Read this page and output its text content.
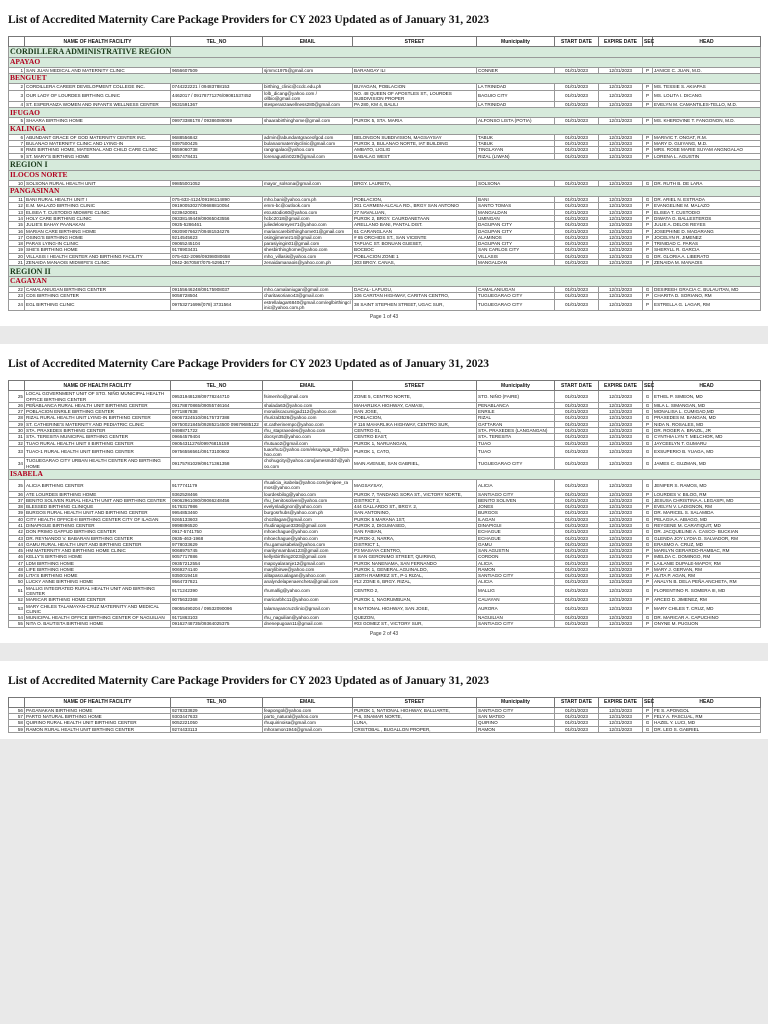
List of Accredited Maternity Care Package Providers for CY 2023 Updated as of January 31, 2023
	NAME OF HEALTH FACILITY	TEL_NO	EMAIL	STREET	Municipality	START DATE	EXPIRE DATE	SEC	HEAD
CORDILLERA ADMINISTRATIVE REGION									
APAYAO									
1	SAN JUAN MEDICAL AND MATERNITY CLINIC	9656607509	sjmmc1975@gmail.com	BARANGAY ILI	CONNER	01/01/2023	12/31/2023	P	JANICE C. JUAN, M.D.
BENGUET									
2	CORDILLERA CAREER DEVELOPMENT COLLEGE INC.	0744222221 / 09483788153	birthing_clinic@ccdc.edu.ph	BUYAGAN, POBLACION	LA TRINIDAD	01/01/2023	12/31/2023	P	MS. TESSIE S. AKIAPAS
3	OUR LADY OF LOURDES BIRTHING CLINIC	4462017 / 09178771276/09081537452	lolb_dicang@yahoo.com / ollbio@gmail.com	NO. 48 QUEEN OF APOSTLES ST., LOURDES SUBDIVISION PROPER	BAGUIO CITY	01/01/2023	12/31/2023	P	MS. LOLITA I. DICANG
4	ST. ESPERANZA WOMEN AND INFANTS WELLNESS CENTER	9631591367	stesperanzawellness280@gmail.com	PA 280, KM 4, BALILI	LA TRINIDAD	01/01/2023	12/31/2023	P	EVELYN M. CAMANTILES-TELLO, M.D.
IFUGAO									
5	SHAARA BIRTHING HOME	09973388178 / 09386086069	shaarabirthinghome@gmail.com	PUROK 5, STA. MARIA	ALFONSO LISTA (POTIA)	01/01/2023	12/31/2023	P	MS. KHERDVINE T. FANGONON, M.D.
KALINGA									
6	ABUNDANT GRACE OF GOD MATERNITY CENTER INC.	9688556842	admin@abundantgraceofgod.com	BELONGON SUBDIVISION, MAGSAYSAY	TABUK	01/01/2023	12/31/2023	P	MARIVIC T. ONGAT, R.M.
7	BULANAO MATERNITY CLINIC AND LYING-IN	9397500425	bulanaomaternityclinic@gmail.com	PUROK 3, BULANAO NORTE, IAT BUILDING	TABUK	01/01/2023	12/31/2023	P	MARY D. GUIYANG, M.D.
8	RMS BIRTHING HOME, MATERNAL AND CHILD CARE CLINIC	9559060738	rangngalao@yahoo.com	AMBATO, LIGLIG	TINGLAYAN	01/01/2023	12/31/2023	P	MRS. ROSE MARIE SUYAM ANGNGALAO
9	ST. MARY'S BIRTHING HOME	9057478431	lorenagustin0229@gmail.com	BABALAG WEST	RIZAL (LIWAN)	01/01/2023	12/31/2023	P	LORENA L. AGUSTIN
REGION I									
ILOCOS NORTE									
10	SOLSONA RURAL HEALTH UNIT	99855001052	mayor_solsona@gmail.com	BRGY. LAURETA,	SOLSONA	01/01/2023	12/31/2023	G	DR. RUTH B. DE LARA
PANGASINAN									
11	BANI RURAL HEALTH UNIT I	075-633-4124/09196114890	mho.bani@yahoo.com.ph	POBLACION,	BANI	01/01/2023	12/31/2023	G	DR. ARIEL N. ESTRADA
12	E.M. MALAZO BIRTHING CLINIC	09190053027/09688810054	emm-bc@outlook.com	301 CARMEN-ALCALA RD., BRGY SAN ANTONIO	SANTO TOMAS	01/01/2023	12/31/2023	P	EVANGELINE M. MALAZO
13	ELISEA T. CUSTODIO MIDWIFE CLINIC	9239420081	etcustodio60@yahoo.com	27 NAVALUAN,	MANGALDAN	01/01/2023	12/31/2023	P	ELISEA T. CUSTODIO
14	HOLY CARE BIRTHING CLINIC	09338149449/09065043556	hcbc2018@gmail.com	PUROK 2, BRGY. CAURDANETAAN	UMINGAN	01/01/2023	12/31/2023	P	DIWATA G. BALLESTEROS
15	JULIE'S BAHAY PAANAKAN	0925-5286461	juliedelosreyes71@yahoo.com	ARELLANO BANI, PANTAL DIST.	DAGUPAN CITY	01/01/2023	12/31/2023	P	JULIE A. DELOS REYES
16	MARIAN CARE BIRTHING HOME	09209076627/09481534276	mariancarebirthinghome01@gmail.com	61 CARANGLAAN	DAGUPAN CITY	01/01/2023	12/31/2023	P	JOSEPHINE D. MADARANG
17	OSING'S BIRTHING HOME	9214545623	osingjimenez14@gmail.com	# 65 ORCHIDS ST., SAN VICENTE	ALAMINOS	01/01/2023	12/31/2023	P	JOCELYN R. JIMENEZ
18	PARAS LYING-IN CLINIC	09065245104	parasiyingin01@gmail.com	TAPUAC ST. BONUAN GUESET,	DAGUPAN CITY	01/01/2023	12/31/2023	P	TRINIDAD C. PARAS
19	SHE'S BIRTHING HOME	9178903431	shesbirthinghome@yahoo.com	BOCBOC	SAN CARLOS CITY	01/01/2023	12/31/2023	P	SHERYLL R. GARCIA
20	VILLASIS I HEALTH CENTER AND BIRTHING FACILITY	075-632-2099/09398080658	mho_villasis@yahoo.com	POBLACION ZONE 1	VILLASIS	01/01/2023	12/31/2023	G	DR. GLORIA A. LIBERATO
21	ZENAIDA MANAOIS MIDWIFE'S CLINIC	0942-3670587/075-5295177	zenaidamanaois@yahoo.com.ph	303 BRGY. CANAS,	MANGALDAN	01/01/2023	12/31/2023	P	ZENAIDA M. MANAOIS
REGION II									
CAGAYAN									
22	CAMALANIUGAN BIRTHING CENTER	09155646248/09175908037	mho.camalaniugan@gmail.com	DACAL- LAFUGU,	CAMALANIUGAN	01/01/2023	12/31/2023	G	DESIREEH GRACIA C. BULAUITAN, MD
23	CDS BIRTHING CENTER	9058728504	charitasoriano43@gmail.com	106 CARITAN HIGHWAY, CARITAN CENTRO,	TUGUEGARAO CITY	01/01/2023	12/31/2023	P	CHARITA D. SORIANO, RM
24	EGL BIRTHING CLINIC	09753271699/(078) 3731564	estrellalagar6840@gmail.com/eglbirthingclinic@yahoo.com.ph	38 SAINT STEPHEN STREET, UGAC SUR,	TUGUEGARAO CITY	01/01/2023	12/31/2023	P	ESTRELLA G. LAGAR, RM
Page 1 of 43
List of Accredited Maternity Care Package Providers for CY 2023 Updated as of January 31, 2023
	NAME OF HEALTH FACILITY	TEL_NO	EMAIL	STREET	Municipality	START DATE	EXPIRE DATE	SEC	HEAD
25	LOCAL GOVERNMENT UNIT OF STO. NIÑO MUNICIPAL HEALTH OFFICE BIRTHING CENTER	09531948128/09778244710	fsimenho@gmail.com	ZONE 5, CENTRO NORTE,	STO. NIÑO (FAIRE)	01/01/2023	12/31/2023	G	ETHEL P. SIMEON, MD
26	PEÑABLANCA RURAL HEALTH UNIT BIRTHING CENTER	09178870865/09055746164	shalada63@yahoo.com	MAHARLIKA HIGHWAY, CAMASI,	PENABLANCA	01/01/2023	12/31/2023	G	MILA L. SIMANGAN, MD
27	POBLACION ENRILE BIRTHING CENTER	9771887838	monaliscacumigad112@yahoo.com	SAN JOSE,	ENRILE	01/01/2023	12/31/2023	G	MONALISA L. CUMIGAD,MD
28	RIZAL RURAL HEALTH UNIT LYING-IN BIRTHING CENTER	09067324510/09175737388	rhurizal3526@yahoo.com	POBLACION,	RIZAL	01/01/2023	12/31/2023	G	PRAXEDES M. BANGAN, MD
29	ST. CATHERINE'S MATERNITY AND PEDIATRIC CLINIC	09750021845/09285214500 09679685122	st.catherinempc@yahoo.com	# 116 MAHARLIKA HIGHWAY, CENTRO SUR,	GATTARAN	01/01/2023	12/31/2023	P	NIDA N. ROSALES, MD
30	STA. PRAXEDES BIRTHING CENTER	9498871722	rhu_stapraxedes@yahoo.com	CENTRO 01,	STA. PRAXEDES (LANGANGAN)	01/01/2023	12/31/2023	G	DR. ROGER A. BRAZIL, JR
31	STA. TERESITA MUNICIPAL BIRTHING CENTER	09664579404	docsyn35@yahoo.com	CENTRO EAST,	STA. TERESITA	01/01/2023	12/31/2023	G	CYNTHIA LYN T. MELCHOR, MD
32	TUAO RURAL HEALTH UNIT II BIRTHING CENTER	09054311276/09976815159	rhutuao2@gmail.com	PUROK 1, NARUANGAN,	TUAO	01/01/2023	12/31/2023	G	JAYCEELYN T. GUMARU
33	TUAO-1 RURAL HEALTH UNIT BIRTHING CENTER	09756556561/09173100602	tuaorhu1@yahoo.com/eksuyaga_md@yahoo.com	PUROK 1, CATO,	TUAO	01/01/2023	12/31/2023	G	EXSUPERIO B. YUAGA, MD
34	TUGUEGARAO CITY URBAN HEALTH CENTER AND BIRTHING HOME	09175781029/09171361358	chohugcity@yahoo.com/jamesmdch@yahoo.com	MAIN AVENUE, SAN GABRIEL,	TUGUEGARAO CITY	01/01/2023	12/31/2023	G	JAMES C. GUZMAN, MD
ISABELA									
35	ALICIA BIRTHING CENTER	9177741179	rhualicia_isabela@yahoo.com/jenipee_ramos@yahoo.com	MAGSAYSAY,	ALICIA	01/01/2023	12/31/2023	G	JENIFER S. RAMOS, MD
36	ATE LOURDES BIRTHING HOME	9362528466	lourdesbilog@yahoo.com	PUROK 7, TANDANG SORA ST., VICTORY NORTE,	SANTIAGO CITY	01/01/2023	12/31/2023	P	LOURDES V. BILOG, RM
37	BENITO SOLIVEN RURAL HEALTH UNIT AND BIRTHING CENTER	09062961080/09066248456	rhu_benitosoliven@yahoo.com	DISTRICT 2,	BENITO SOLIVEN	01/01/2023	12/31/2023	G	JESUSA CHRISTINA A. LEGASPI, MD
38	BLESSED BIRTHING CLINIQUE	9176317986	evelynladignon@yahoo.com	444 GALLARDO ST., BRGY. 2,	JONES	01/01/2023	12/31/2023	P	EVELYN V. LADIGNON, RM
39	BURGOS RURAL HEALTH UNIT AND BIRTHING CENTER	9954853460	burgosrhubs@yahoo.com.ph	SAN ANTONINO,	BURGOS	01/01/2023	12/31/2023	G	DR. MARICEL S. SALAMIDA
40	CITY HEALTH OFFICE-II BIRTHING CENTER CITY OF ILAGAN	9265133603	cho2ilagan@gmail.com	PUROK 5 MARANA 1ST,	ILAGAN	01/01/2023	12/31/2023	G	PELAGIA A. ABIAGO, MD
41	DINAPIGUE BIRTHING CENTER	9998896520	rhudinapigue3336@gmail.com	PUROK 2, DIGUMASED,	DINAPIGUI	01/01/2023	12/31/2023	G	REYGENE M. CARATIQUIT, MD
42	DON PRIMO GAFFUD BIRTHING CENTER	0917-5741750	mhoechague@yahoo.com	SAN FABIAN,	ECHAGUE	01/01/2023	12/31/2023	G	DR. JACQUELINE A. CASCO- BUCKIAN
43	DR. REYNANDO V. BABARAN BIRTHING CENTER	0935-463-1968	mhoechague@yahoo.com	PUROK-2, NARRA,	ECHAGUE	01/01/2023	12/31/2023	G	GLENDA JOY LYDIA D. SALVADOR, RM
44	GAMU RURAL HEALTH UNIT AND BIRTHING CENTER	9778033629	rhu.gamuisabela@yahoo.com	DISTRICT 1,	GAMU	01/01/2023	12/31/2023	G	ERASMO A. CRUZ, MD
45	HM MATERNITY AND BIRTHING HOME CLINIC	9068975745	marilynnambas123@gmail.com	P3 MASAYA CENTRO,	SAN AGUSTIN	01/01/2023	12/31/2023	P	MARILYN GERARDO-RAMBAC, RM
46	KELLY'S BIRTHING HOME	9057717886	kellysbirthing2023@gmail.com	8 SAN GERONIMO STREET, QUIRINO,	CORDON	01/01/2023	12/31/2023	P	IMELDA C. DOMINGO, RM
47	LDM BIRTHING HOME	09357212554	mapoyalaranje12@gmail.com	PUROK NANENAMA, SAN FERNANDO	ALICIA	01/01/2023	12/31/2023	P	LAILANIE DUPALE-MAPOY, RM
48	LIFE BIRTHING HOME	9069274140	marylibirwe@yahoo.com	PUROK 1, GENERAL AGUINALDO,	RAMON	01/01/2023	12/31/2023	P	MARY J. GERVAN, RM
49	LITA'S BIRTHING HOME	9350019418	alitapascualagan@yahoo.com	180TH RAMIREZ ST., P-1 RIZAL,	SANTIAGO CITY	01/01/2023	12/31/2023	P	ALITA P. AGAN, RM
50	LUCKY ANNE BIRTHING HOME	9564737821	analyndelapenaencheta@gmail.com	#12 ZONE 6, BRGY. RIZAL,	ALICIA	01/01/2023	12/31/2023	P	ANALYN B. DELA PEÑA ANCHETA, RM
51	MALLIG INTEGRATED RURAL HEALTH UNIT AND BIRTHING CENTER	9171242390	rhumallig@yahoo.com	CENTRO 2,	MALLIG	01/01/2023	12/31/2023	G	FLORENTINO R. SOMERA III, MD
52	MARICAR BIRTHING HOME CENTER	9075632368	maricarbhc11@yahoo.com	PUROK 1, NAGRUMBUAN,	CAUAYAN	01/01/2023	12/31/2023	P	ARCEO D. JIMENEZ, RM
53	MARY CHILES TALAMAYAN-CRUZ MATERNITY AND MEDICAL CLINIC	09055490204 / 09532090096	talamayancruzclinic@gmail.com	8 NATIONAL HIGHWAY, SAN JOSE,	AURORA	01/01/2023	12/31/2023	P	MARY CHILES T. CRUZ, MD
54	MUNICIPAL HEALTH OFFICE BIRTHING CENTER OF NAGUILIAN	9171863103	rhu_naguilian@yahoo.com	QUEZON,	NAGUILIAN	01/01/2023	12/31/2023	G	DR. MARICAR A. CAPUCHINO
55	NITA O. BAUTISTA BIRTHING HOME	09162748735/09364025375	dnenepugoan11@gmail.com	#03 GOMEZ ST., VICTORY SUR,	SANTIAGO CITY	01/01/2023	12/31/2023	P	ONYNE M. PUGUON
Page 2 of 43
List of Accredited Maternity Care Package Providers for CY 2023 Updated as of January 31, 2023
	NAME OF HEALTH FACILITY	TEL_NO	EMAIL	STREET	Municipality	START DATE	EXPIRE DATE	SEC	HEAD
56	PAGANAKAN BIRTHING HOME	9278333829	feapongol@yahoo.com	PUROK 1, NATIONAL HIGHWAY, BALLIARTE,	SANTIAGO CITY	01/01/2023	12/31/2023	P	FE S. APONGOL
57	PARTO NATURAL BIRTHING HOME	9303447633	parto_natural@yahoo.com	P-6, SNAMAR NORTE,	SAN MATEO	01/01/2023	12/31/2023	P	FELY A. PASCUAL, RM
58	QUIRINO RURAL HEALTH UNIT BIRTHING CENTER	9052221050	rhuquirinoisa@gmail.com	LUNA,	QUIRINO	01/01/2023	12/31/2023	G	HAZEL Y. LUCI, MD
59	RAMON RURAL HEALTH UNIT BIRTHING CENTER	9274433113	mhoramon1944@gmail.com	CRISTOBAL , BUGALLON PROPER,	RAMON	01/01/2023	12/31/2023	G	DR. LEO S. GABRIEL
